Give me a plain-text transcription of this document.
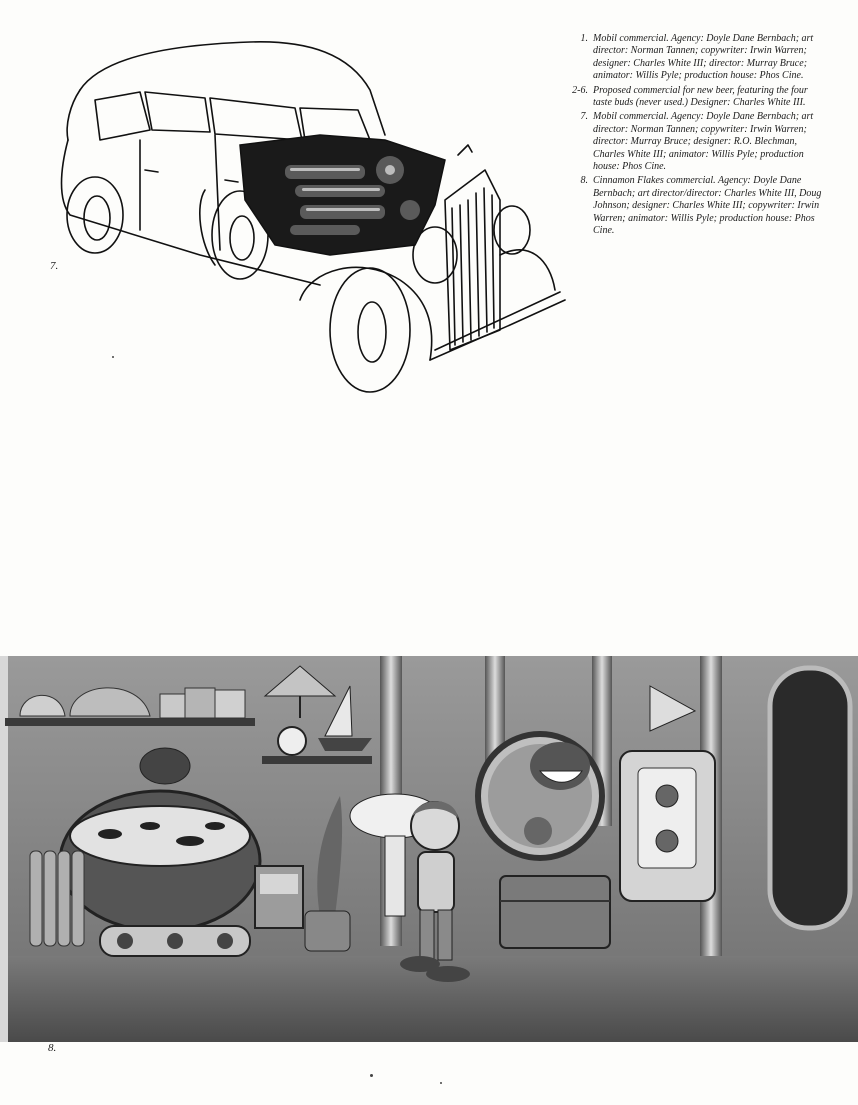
7.
1. Mobil commercial. Agency: Doyle Dane Bernbach; art director: Norman Tannen; copywriter: Irwin Warren; designer: Charles White III; director: Murray Bruce; animator: Willis Pyle; production house: Phos Cine.
2-6. Proposed commercial for new beer, featuring the four taste buds (never used.) Designer: Charles White III.
7. Mobil commercial. Agency: Doyle Dane Bernbach; art director: Norman Tannen; copywriter: Irwin Warren; director: Murray Bruce; designer: R.O. Blechman, Charles White III; animator: Willis Pyle; production house: Phos Cine.
8. Cinnamon Flakes commercial. Agency: Doyle Dane Bernbach; art director/director: Charles White III, Doug Johnson; designer: Charles White III; copywriter: Irwin Warren; animator: Willis Pyle; production house: Phos Cine.
8.
